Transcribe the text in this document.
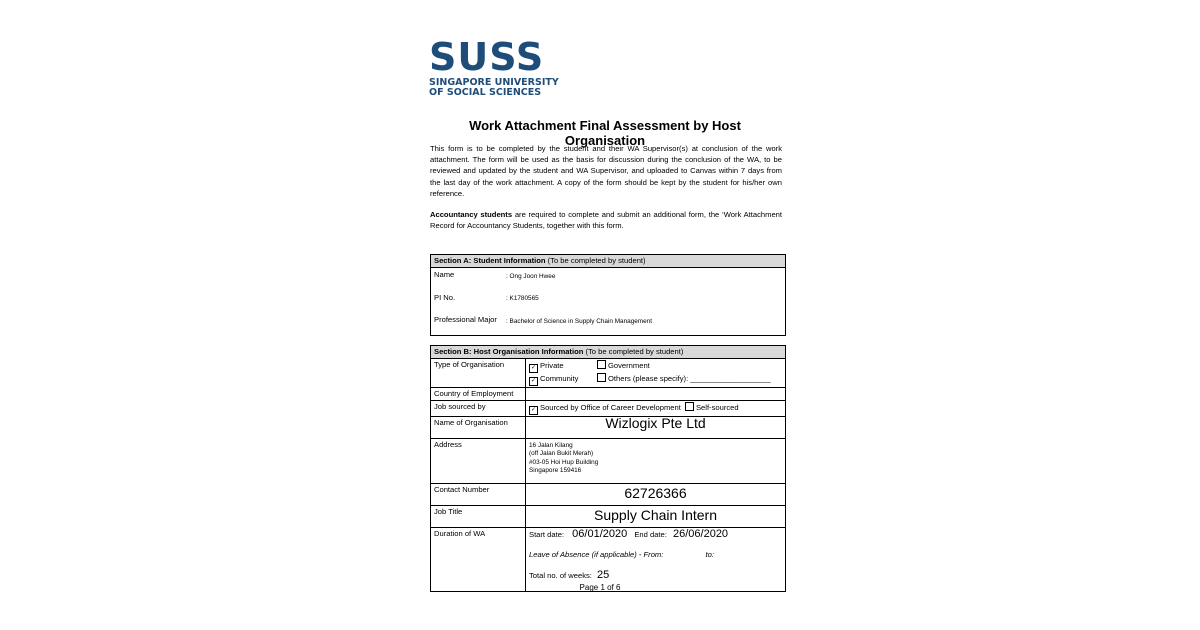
SUSS
SINGAPORE UNIVERSITY
OF SOCIAL SCIENCES
Work Attachment Final Assessment by Host Organisation
This form is to be completed by the student and their WA Supervisor(s) at conclusion of the work attachment. The form will be used as the basis for discussion during the conclusion of the WA, to be reviewed and updated by the student and WA Supervisor, and uploaded to Canvas within 7 days from the last day of the work attachment. A copy of the form should be kept by the student for his/her own reference.
Accountancy students are required to complete and submit an additional form, the ‘Work Attachment Record for Accountancy Students, together with this form.
Section A: Student Information (To be completed by student)

Name	: Ong Joon Hwee
PI No.	: K1780565
Professional Major : Bachelor of Science in Supply Chain Management
Section B: Host Organisation Information (To be completed by student)	
Type of Organisation	✓ Private Government
✓ Community Others (please specify): ___________________

Country of Employment	
Job sourced by	✓ Sourced by Office of Career Development Self-sourced
Name of Organisation	Wizlogix Pte Ltd
Address	16 Jalan Kilang
(off Jalan Bukit Merah)
#03-05 Hoi Hup Building
Singapore 159416

Contact Number	62726366
Job Title	Supply Chain Intern
Duration of WA	Start date: 06/01/2020 End date: 26/06/2020
Leave of Absence (if applicable) - From: to:
Total no. of weeks: 25
Page 1 of 6
